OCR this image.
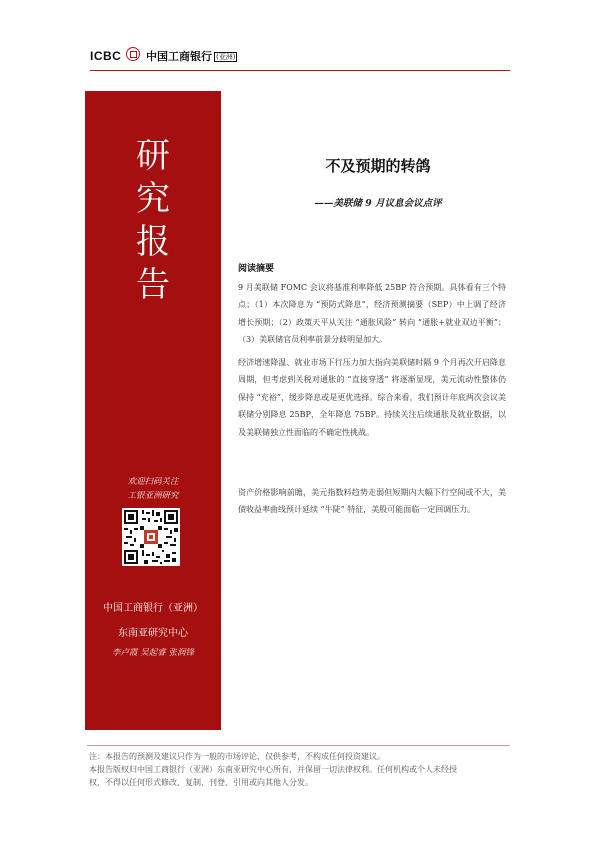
ICBC 中国工商银行 (亚洲)
研
究
报
告
欢迎扫码关注
工银亚洲研究
中国工商银行（亚洲）
东南亚研究中心
李卢霞 吴起睿 张润锋
不及预期的转鸽
——美联储 9 月议息会议点评
阅读摘要
9 月美联储 FOMC 会议将基准利率降低 25BP 符合预期。具体看有三个特点；（1）本次降息为 “预防式降息”，经济预测摘要（SEP）中上调了经济增长预期；（2）政策天平从关注 “通胀风险” 转向 “通胀+就业双边平衡”；（3）美联储官员利率前景分歧明显加大。
经济增速降温、就业市场下行压力加大指向美联储时隔 9 个月再次开启降息周期，但考虑到关税对通胀的 “直接穿透” 将逐渐显现，美元流动性整体仍保持 “充裕”，缓步降息或是更优选择。综合来看，我们预计年底两次会议美联储分别降息 25BP，全年降息 75BP。持续关注后续通胀及就业数据，以及美联储独立性面临的不确定性挑战。
资产价格影响前瞻，美元指数料趋势走弱但短期内大幅下行空间或不大，美债收益率曲线预计延续 “牛陡” 特征，美股可能面临一定回调压力。

注：本报告的预测及建议只作为一般的市场评论，仅供参考，不构成任何投资建议。

本报告版权归中国工商银行（亚洲）东南亚研究中心所有，并保留一切法律权利。任何机构或个人未经授

权，不得以任何形式修改、复制、刊登、引用或向其他人分发。
